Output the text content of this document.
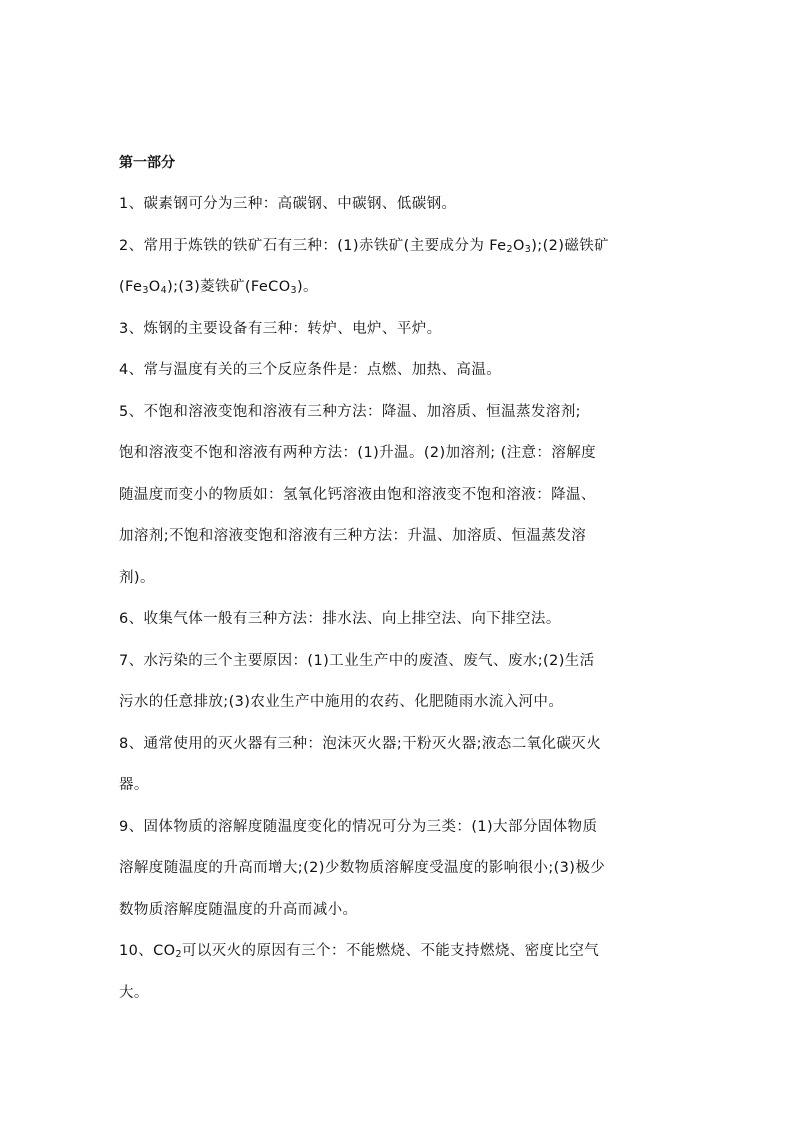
第一部分
1、碳素钢可分为三种：高碳钢、中碳钢、低碳钢。
2、常用于炼铁的铁矿石有三种：(1)赤铁矿(主要成分为 $Fe_2O_3);(2)$磁铁矿
$(Fe_3O_4);(3)$菱铁矿(FeCO$_3$)。
3、炼钢的主要设备有三种：转炉、电炉、平炉。
4、常与温度有关的三个反应条件是：点燃、加热、高温。
5、不饱和溶液变饱和溶液有三种方法：降温、加溶质、恒温蒸发溶剂;
饱和溶液变不饱和溶液有两种方法：(1)升温。(2)加溶剂; (注意：溶解度
随温度而变小的物质如：氢氧化钙溶液由饱和溶液变不饱和溶液：降温、
加溶剂;不饱和溶液变饱和溶液有三种方法：升温、加溶质、恒温蒸发溶
剂)。
6、收集气体一般有三种方法：排水法、向上排空法、向下排空法。
7、水污染的三个主要原因：(1)工业生产中的废渣、废气、废水;(2)生活
污水的任意排放;(3)农业生产中施用的农药、化肥随雨水流入河中。
8、通常使用的灭火器有三种：泡沫灭火器;干粉灭火器;液态二氧化碳灭火
器。
9、固体物质的溶解度随温度变化的情况可分为三类：(1)大部分固体物质
溶解度随温度的升高而增大;(2)少数物质溶解度受温度的影响很小;(3)极少
数物质溶解度随温度的升高而减小。
10、$CO_2$可以灭火的原因有三个：不能燃烧、不能支持燃烧、密度比空气
大。
